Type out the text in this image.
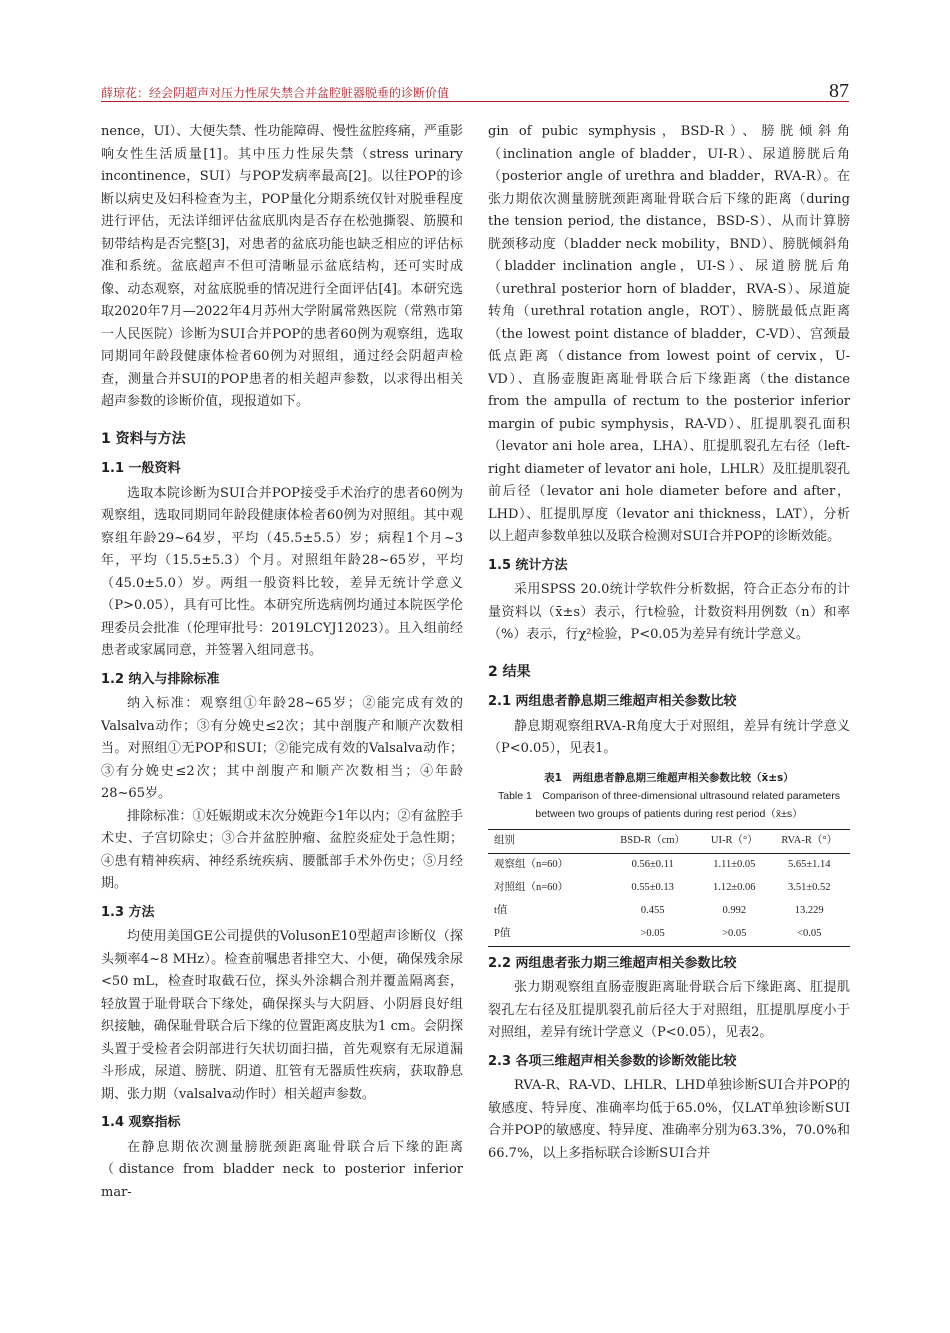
薛琼花：经会阴超声对压力性尿失禁合并盆腔脏器脱垂的诊断价值	87

nence，UI）、大便失禁、性功能障碍、慢性盆腔疼痛，严重影响女性生活质量[1]。其中压力性尿失禁（stress urinary incontinence，SUI）与POP发病率最高[2]。以往POP的诊断以病史及妇科检查为主，POP量化分期系统仅针对脱垂程度进行评估，无法详细评估盆底肌肉是否存在松弛撕裂、筋膜和韧带结构是否完整[3]，对患者的盆底功能也缺乏相应的评估标准和系统。盆底超声不但可清晰显示盆底结构，还可实时成像、动态观察，对盆底脱垂的情况进行全面评估[4]。本研究选取2020年7月—2022年4月苏州大学附属常熟医院（常熟市第一人民医院）诊断为SUI合并POP的患者60例为观察组，选取同期同年龄段健康体检者60例为对照组，通过经会阴超声检查，测量合并SUI的POP患者的相关超声参数，以求得出相关超声参数的诊断价值，现报道如下。

1 资料与方法
1.1 一般资料

选取本院诊断为SUI合并POP接受手术治疗的患者60例为观察组，选取同期同年龄段健康体检者60例为对照组。其中观察组年龄29~64岁，平均（45.5±5.5）岁；病程1个月~3年，平均（15.5±5.3）个月。对照组年龄28~65岁，平均（45.0±5.0）岁。两组一般资料比较，差异无统计学意义（P>0.05），具有可比性。本研究所选病例均通过本院医学伦理委员会批准（伦理审批号：2019LCYJ12023）。且入组前经患者或家属同意，并签署入组同意书。

1.2 纳入与排除标准

纳入标准：观察组①年龄28~65岁；②能完成有效的Valsalva动作；③有分娩史≤2次；其中剖腹产和顺产次数相当。对照组①无POP和SUI；②能完成有效的Valsalva动作；③有分娩史≤2次；其中剖腹产和顺产次数相当；④年龄28~65岁。

排除标准：①妊娠期或末次分娩距今1年以内；②有盆腔手术史、子宫切除史；③合并盆腔肿瘤、盆腔炎症处于急性期；④患有精神疾病、神经系统疾病、腰骶部手术外伤史；⑤月经期。

1.3 方法

均使用美国GE公司提供的VolusonE10型超声诊断仪（探头频率4~8 MHz）。检查前嘱患者排空大、小便，确保残余尿<50 mL，检查时取截石位，探头外涂耦合剂并覆盖隔离套，轻放置于耻骨联合下缘处，确保探头与大阴唇、小阴唇良好组织接触，确保耻骨联合后下缘的位置距离皮肤为1 cm。会阴探头置于受检者会阴部进行矢状切面扫描，首先观察有无尿道漏斗形成，尿道、膀胱、阴道、肛管有无器质性疾病，获取静息期、张力期（valsalva动作时）相关超声参数。

1.4 观察指标

在静息期依次测量膀胱颈距离耻骨联合后下缘的距离（distance from bladder neck to posterior inferior mar-

gin of pubic symphysis，BSD-R）、膀胱倾斜角（inclination angle of bladder，UI-R）、尿道膀胱后角（posterior angle of urethra and bladder，RVA-R）。在张力期依次测量膀胱颈距离耻骨联合后下缘的距离（during the tension period, the distance，BSD-S）、从而计算膀胱颈移动度（bladder neck mobility，BND）、膀胱倾斜角（bladder inclination angle，UI-S）、尿道膀胱后角（urethral posterior horn of bladder，RVA-S）、尿道旋转角（urethral rotation angle，ROT）、膀胱最低点距离（the lowest point distance of bladder，C-VD）、宫颈最低点距离（distance from lowest point of cervix，U-VD）、直肠壶腹距离耻骨联合后下缘距离（the distance from the ampulla of rectum to the posterior inferior margin of pubic symphysis，RA-VD）、肛提肌裂孔面积（levator ani hole area，LHA）、肛提肌裂孔左右径（left-right diameter of levator ani hole，LHLR）及肛提肌裂孔前后径（levator ani hole diameter before and after，LHD）、肛提肌厚度（levator ani thickness，LAT），分析以上超声参数单独以及联合检测对SUI合并POP的诊断效能。

1.5 统计方法

采用SPSS 20.0统计学软件分析数据，符合正态分布的计量资料以（x̄±s）表示，行t检验，计数资料用例数（n）和率（%）表示，行χ²检验，P<0.05为差异有统计学意义。

2 结果
2.1 两组患者静息期三维超声相关参数比较

静息期观察组RVA-R角度大于对照组，差异有统计学意义（P<0.05），见表1。

表1　两组患者静息期三维超声相关参数比较（x̄±s）
Table 1　Comparison of three-dimensional ultrasound related parameters between two groups of patients during rest period（x̄±s）
组别	BSD-R（cm）	UI-R（°）	RVA-R（°）
观察组（n=60）	0.56±0.11	1.11±0.05	5.65±1.14
对照组（n=60）	0.55±0.13	1.12±0.06	3.51±0.52
t值	0.455	0.992	13.229
P值	>0.05	>0.05	<0.05
2.2 两组患者张力期三维超声相关参数比较

张力期观察组直肠壶腹距离耻骨联合后下缘距离、肛提肌裂孔左右径及肛提肌裂孔前后径大于对照组，肛提肌厚度小于对照组，差异有统计学意义（P<0.05），见表2。

2.3 各项三维超声相关参数的诊断效能比较

RVA-R、RA-VD、LHLR、LHD单独诊断SUI合并POP的敏感度、特异度、准确率均低于65.0%，仅LAT单独诊断SUI合并POP的敏感度、特异度、准确率分别为63.3%，70.0%和66.7%，以上多指标联合诊断SUI合并
